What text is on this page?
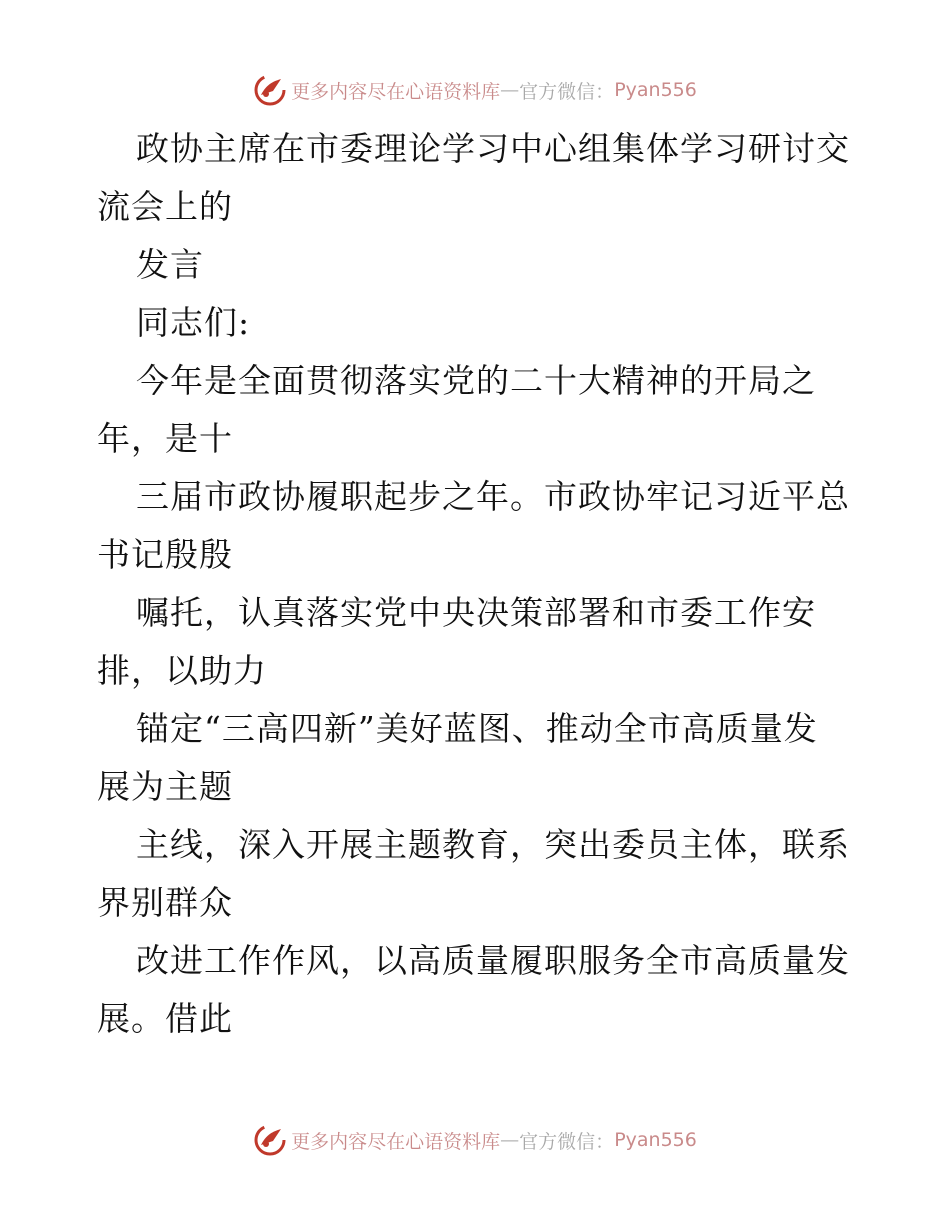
更多内容尽在心语资料库 — 官方微信： Pyan556
政协主席在市委理论学习中心组集体学习研讨交
流会上的
发言
同志们:
今年是全面贯彻落实党的二十大精神的开局之
年，是十
三届市政协履职起步之年。市政协牢记习近平总
书记殷殷
嘱托，认真落实党中央决策部署和市委工作安
排，以助力
锚定“三高四新”美好蓝图、推动全市高质量发
展为主题
主线，深入开展主题教育，突出委员主体，联系
界别群众
改进工作作风，以高质量履职服务全市高质量发
展。借此
更多内容尽在心语资料库 — 官方微信： Pyan556
